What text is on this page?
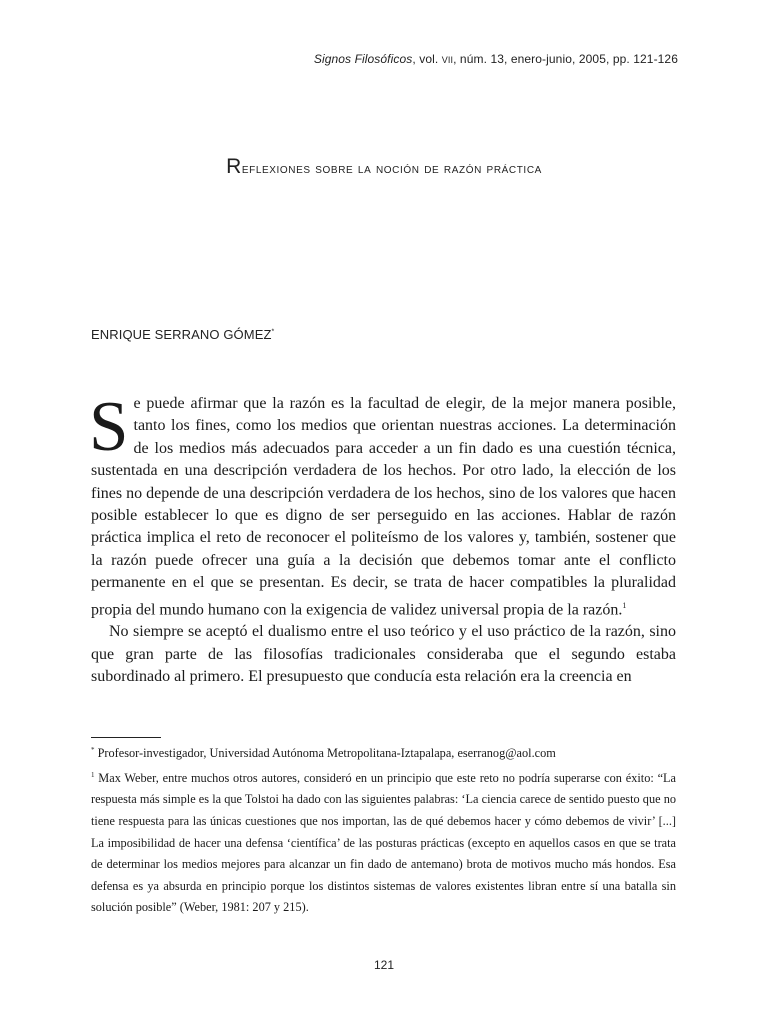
Signos Filosóficos, vol. VII, núm. 13, enero-junio, 2005, pp. 121-126
Reflexiones sobre la noción de razón práctica
ENRIQUE SERRANO GÓMEZ*

Se puede afirmar que la razón es la facultad de elegir, de la mejor manera posible, tanto los fines, como los medios que orientan nuestras acciones. La determinación de los medios más adecuados para acceder a un fin dado es una cuestión técnica, sustentada en una descripción verdadera de los hechos. Por otro lado, la elección de los fines no depende de una descripción verdadera de los hechos, sino de los valores que hacen posible establecer lo que es digno de ser perseguido en las acciones. Hablar de razón práctica implica el reto de reconocer el politeísmo de los valores y, también, sostener que la razón puede ofrecer una guía a la decisión que debemos tomar ante el conflicto permanente en el que se presentan. Es decir, se trata de hacer compatibles la pluralidad propia del mundo humano con la exigencia de validez universal propia de la razón.$^1$

No siempre se aceptó el dualismo entre el uso teórico y el uso práctico de la razón, sino que gran parte de las filosofías tradicionales consideraba que el segundo estaba subordinado al primero. El presupuesto que conducía esta relación era la creencia en

* Profesor-investigador, Universidad Autónoma Metropolitana-Iztapalapa, eserranog@aol.com

$^1$ Max Weber, entre muchos otros autores, consideró en un principio que este reto no podría superarse con éxito: “La respuesta más simple es la que Tolstoi ha dado con las siguientes palabras: ‘La ciencia carece de sentido puesto que no tiene respuesta para las únicas cuestiones que nos importan, las de qué debemos hacer y cómo debemos de vivir’ [...] La imposibilidad de hacer una defensa ‘científica’ de las posturas prácticas (excepto en aquellos casos en que se trata de determinar los medios mejores para alcanzar un fin dado de antemano) brota de motivos mucho más hondos. Esa defensa es ya absurda en principio porque los distintos sistemas de valores existentes libran entre sí una batalla sin solución posible” (Weber, 1981: 207 y 215).

121
